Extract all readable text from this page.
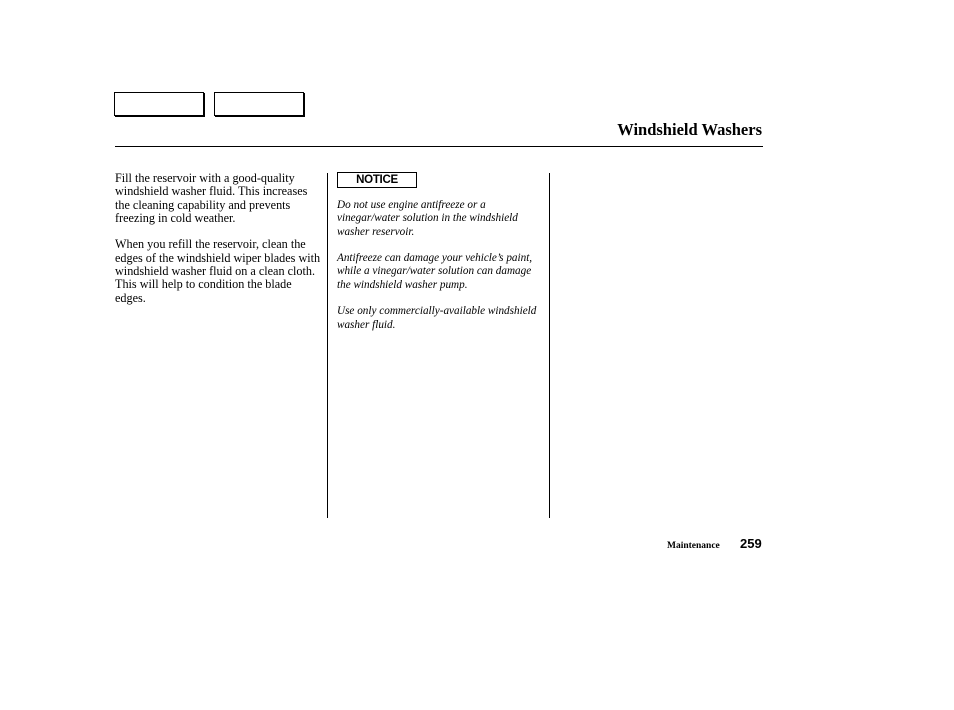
Windshield Washers

Fill the reservoir with a good-quality windshield washer fluid. This increases the cleaning capability and prevents freezing in cold weather.

When you refill the reservoir, clean the edges of the windshield wiper blades with windshield washer fluid on a clean cloth. This will help to condition the blade edges.

NOTICE

Do not use engine antifreeze or a vinegar/water solution in the windshield washer reservoir.

Antifreeze can damage your vehicle’s paint, while a vinegar/water solution can damage the windshield washer pump.

Use only commercially-available windshield washer fluid.

Maintenance 259
